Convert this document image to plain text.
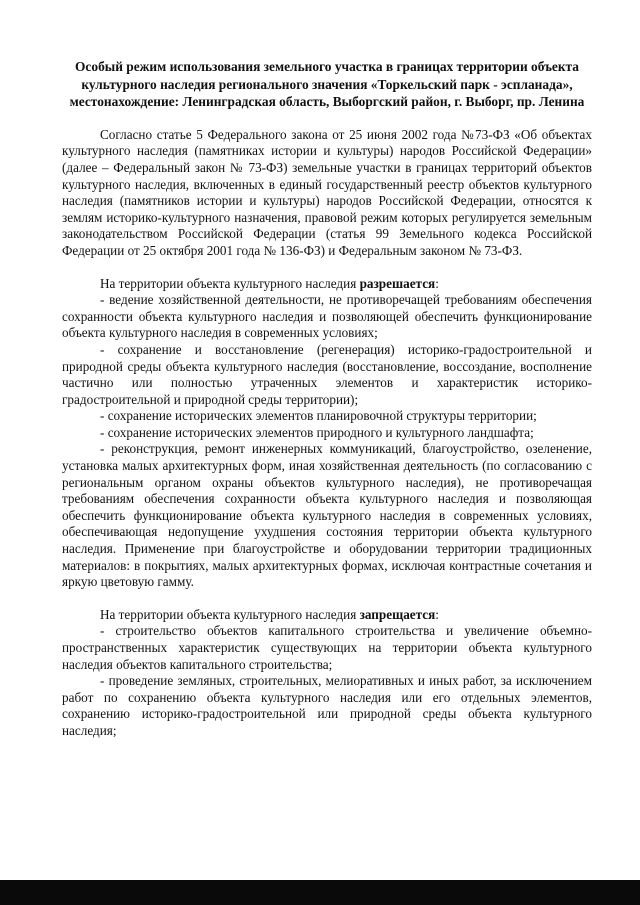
Особый режим использования земельного участка в границах территории объекта культурного наследия регионального значения «Торкельский парк - эспланада», местонахождение: Ленинградская область, Выборгский район, г. Выборг, пр. Ленина

Согласно статье 5 Федерального закона от 25 июня 2002 года №73-ФЗ «Об объектах культурного наследия (памятниках истории и культуры) народов Российской Федерации» (далее – Федеральный закон № 73-ФЗ) земельные участки в границах территорий объектов культурного наследия, включенных в единый государственный реестр объектов культурного наследия (памятников истории и культуры) народов Российской Федерации, относятся к землям историко-культурного назначения, правовой режим которых регулируется земельным законодательством Российской Федерации (статья 99 Земельного кодекса Российской Федерации от 25 октября 2001 года № 136-ФЗ) и Федеральным законом № 73-ФЗ.

На территории объекта культурного наследия разрешается:

- ведение хозяйственной деятельности, не противоречащей требованиям обеспечения сохранности объекта культурного наследия и позволяющей обеспечить функционирование объекта культурного наследия в современных условиях;

- сохранение и восстановление (регенерация) историко-градостроительной и природной среды объекта культурного наследия (восстановление, воссоздание, восполнение частично или полностью утраченных элементов и характеристик историко-градостроительной и природной среды территории);

- сохранение исторических элементов планировочной структуры территории;

- сохранение исторических элементов природного и культурного ландшафта;

- реконструкция, ремонт инженерных коммуникаций, благоустройство, озеленение, установка малых архитектурных форм, иная хозяйственная деятельность (по согласованию с региональным органом охраны объектов культурного наследия), не противоречащая требованиям обеспечения сохранности объекта культурного наследия и позволяющая обеспечить функционирование объекта культурного наследия в современных условиях, обеспечивающая недопущение ухудшения состояния территории объекта культурного наследия. Применение при благоустройстве и оборудовании территории традиционных материалов: в покрытиях, малых архитектурных формах, исключая контрастные сочетания и яркую цветовую гамму.

На территории объекта культурного наследия запрещается:

- строительство объектов капитального строительства и увеличение объемно-пространственных характеристик существующих на территории объекта культурного наследия объектов капитального строительства;

- проведение земляных, строительных, мелиоративных и иных работ, за исключением работ по сохранению объекта культурного наследия или его отдельных элементов, сохранению историко-градостроительной или природной среды объекта культурного наследия;
